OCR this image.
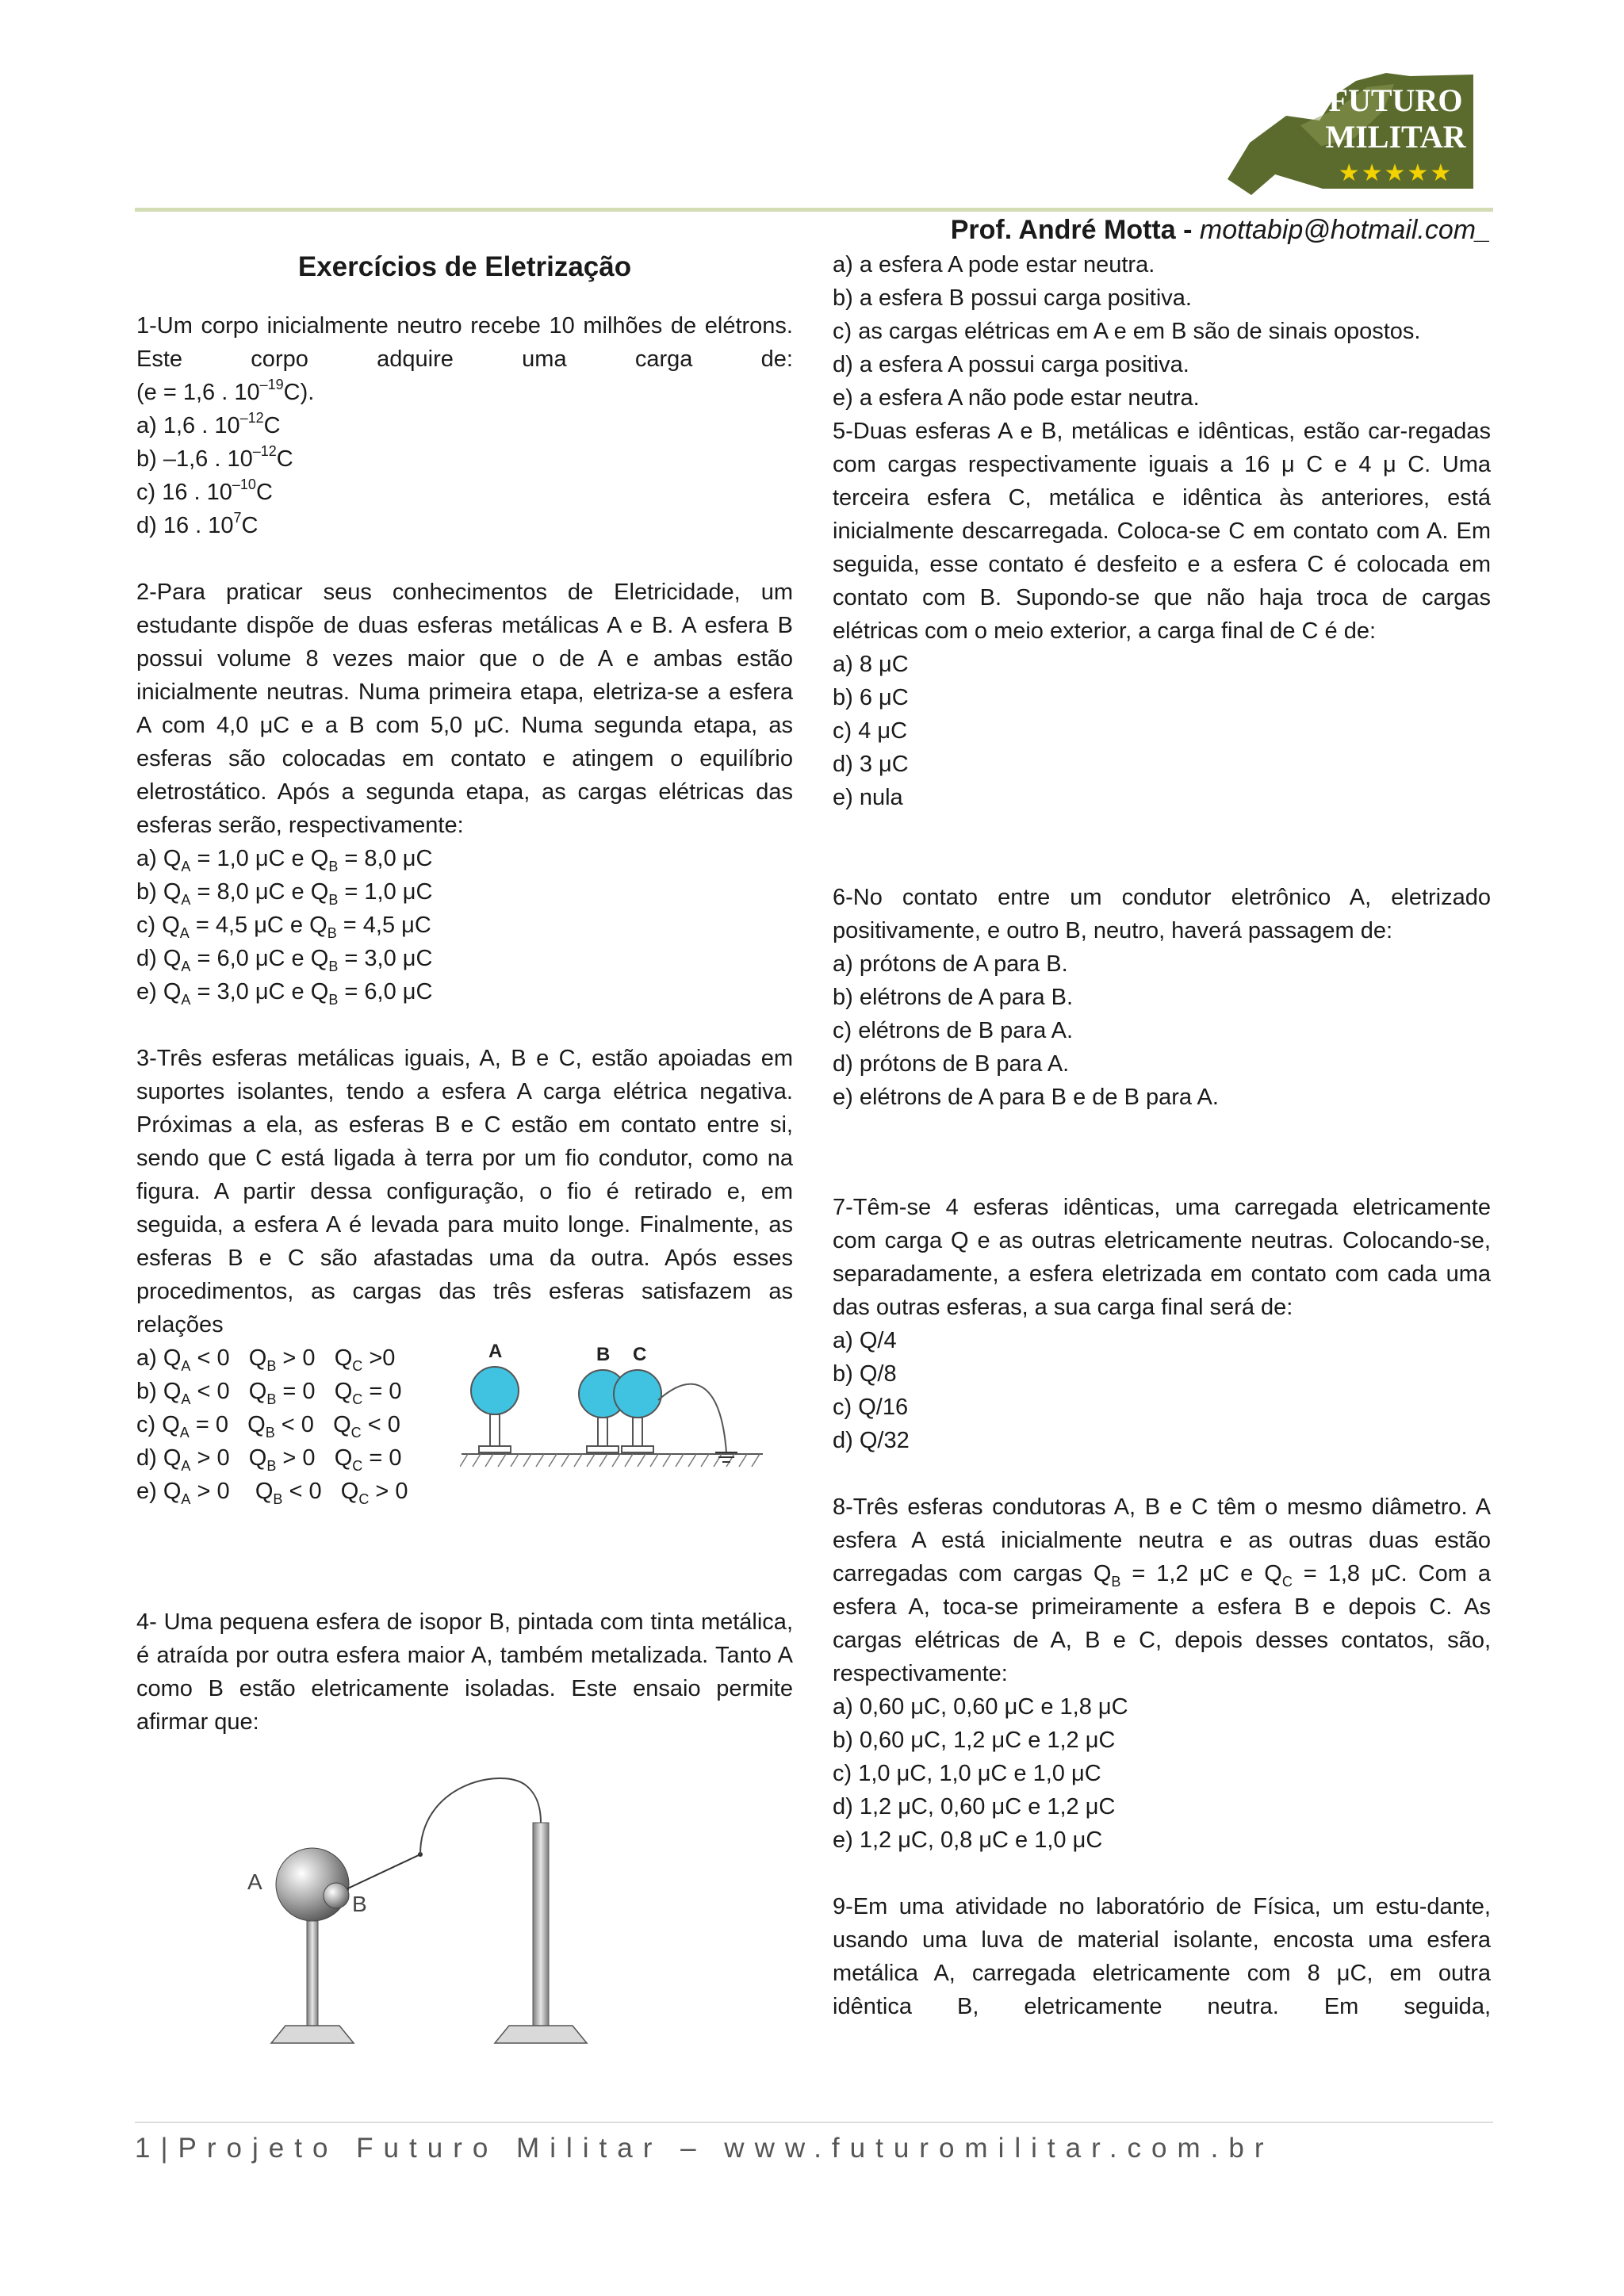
FUTURO
MILITAR
★★★★★
Prof. André Motta - mottabip@hotmail.com_
Exercícios de Eletrização

1-Um corpo inicialmente neutro recebe 10 milhões de elétrons. Este corpo adquire uma carga de:

(e = 1,6 . $10^{-19}C$).

a) 1,6 . $10^{-12}C$

b) –1,6 . $10^{-12}C$

c) 16 . $10^{-10}C$

d) 16 . $10^7C$

2-Para praticar seus conhecimentos de Eletricidade, um estudante dispõe de duas esferas metálicas A e B. A esfera B possui volume 8 vezes maior que o de A e ambas estão inicialmente neutras. Numa primeira etapa, eletriza-se a esfera A com 4,0 μC e a B com 5,0 μC. Numa segunda etapa, as esferas são colocadas em contato e atingem o equilíbrio eletrostático. Após a segunda etapa, as cargas elétricas das esferas serão, respectivamente:

a) $Q_A = 1,0$ μC e $Q_B = 8,0$ μC

b) $Q_A = 8,0$ μC e $Q_B = 1,0$ μC

c) $Q_A = 4,5$ μC e $Q_B = 4,5$ μC

d) $Q_A = 6,0$ μC e $Q_B = 3,0$ μC

e) $Q_A = 3,0$ μC e $Q_B = 6,0$ μC

3-Três esferas metálicas iguais, A, B e C, estão apoiadas em suportes isolantes, tendo a esfera A carga elétrica negativa. Próximas a ela, as esferas B e C estão em contato entre si, sendo que C está ligada à terra por um fio condutor, como na figura. A partir dessa configuração, o fio é retirado e, em seguida, a esfera A é levada para muito longe. Finalmente, as esferas B e C são afastadas uma da outra. Após esses procedimentos, as cargas das três esferas satisfazem as relações

a) $Q_A < 0$   $Q_B > 0$   $Q_C >0$

b) $Q_A < 0$   $Q_B = 0$   $Q_C = 0$

c) $Q_A = 0$   $Q_B < 0$   $Q_C < 0$

d) $Q_A > 0$   $Q_B > 0$   $Q_C = 0$

e) $Q_A > 0$    $Q_B < 0$   $Q_C > 0$

A	B C

4- Uma pequena esfera de isopor B, pintada com tinta metálica, é atraída por outra esfera maior A, também metalizada. Tanto A como B estão eletricamente isoladas. Este ensaio permite afirmar que:

A
B

a) a esfera A pode estar neutra.

b) a esfera B possui carga positiva.

c) as cargas elétricas em A e em B são de sinais opostos.

d) a esfera A possui carga positiva.

e) a esfera A não pode estar neutra.

5-Duas esferas A e B, metálicas e idênticas, estão car-regadas com cargas respectivamente iguais a 16 μ C e 4 μ C. Uma terceira esfera C, metálica e idêntica às anteriores, está inicialmente descarregada. Coloca-se C em contato com A. Em seguida, esse contato é desfeito e a esfera C é colocada em contato com B. Supondo-se que não haja troca de cargas elétricas com o meio exterior, a carga final de C é de:

a) 8 μC

b) 6 μC

c) 4 μC

d) 3 μC

e) nula

6-No contato entre um condutor eletrônico A, eletrizado positivamente, e outro B, neutro, haverá passagem de:

a) prótons de A para B.

b) elétrons de A para B.

c) elétrons de B para A.

d) prótons de B para A.

e) elétrons de A para B e de B para A.

7-Têm-se 4 esferas idênticas, uma carregada eletricamente com carga Q e as outras eletricamente neutras. Colocando-se, separadamente, a esfera eletrizada em contato com cada uma das outras esferas, a sua carga final será de:

a) Q/4

b) Q/8

c) Q/16

d) Q/32

8-Três esferas condutoras A, B e C têm o mesmo diâmetro. A esfera A está inicialmente neutra e as outras duas estão carregadas com cargas $Q_B = 1,2$ μC e $Q_C = 1,8$ μC. Com a esfera A, toca-se primeiramente a esfera B e depois C. As cargas elétricas de A, B e C, depois desses contatos, são, respectivamente:

a) 0,60 μC, 0,60 μC e 1,8 μC

b) 0,60 μC, 1,2 μC e 1,2 μC

c) 1,0 μC, 1,0 μC e 1,0 μC

d) 1,2 μC, 0,60 μC e 1,2 μC

e) 1,2 μC, 0,8 μC e 1,0 μC

9-Em uma atividade no laboratório de Física, um estu-dante, usando uma luva de material isolante, encosta uma esfera metálica A, carregada eletricamente com 8 μC, em outra idêntica B, eletricamente neutra. Em seguida,

1|Projeto Futuro Militar – www.futuromilitar.com.br
